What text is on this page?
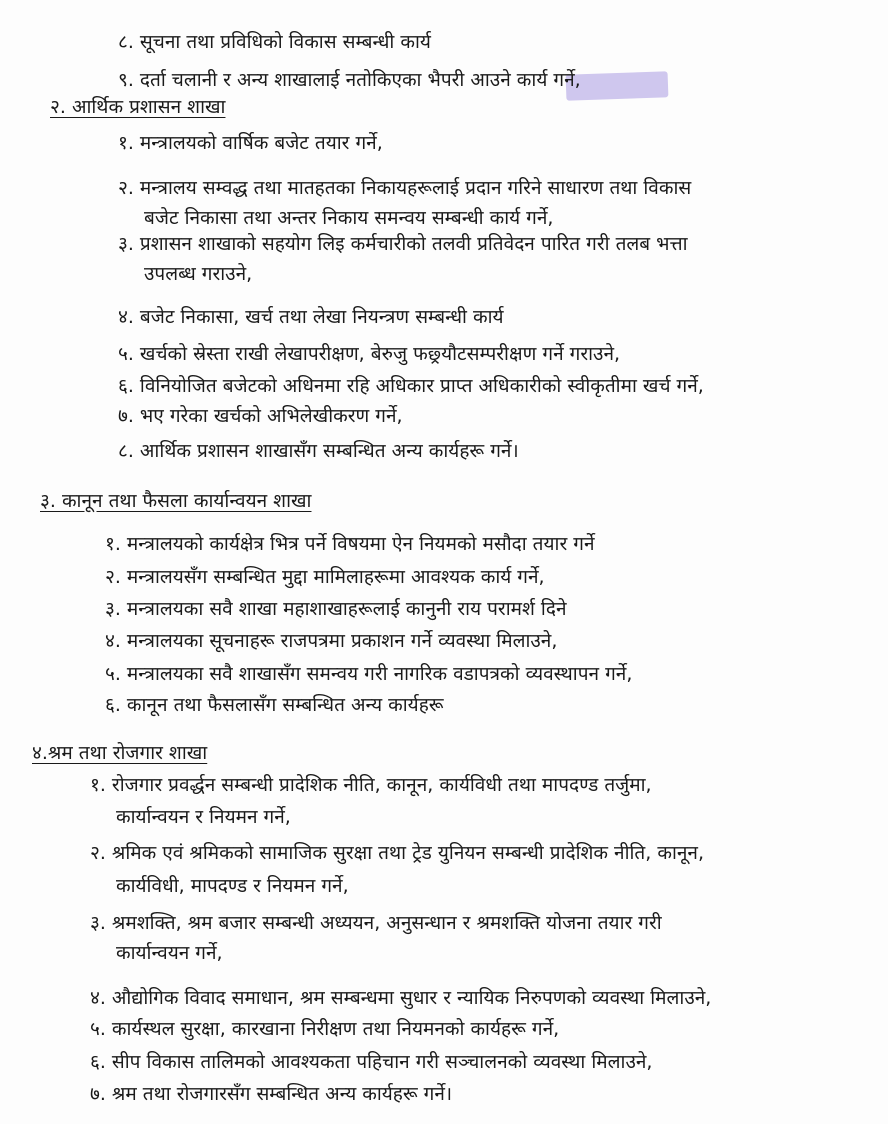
८. सूचना तथा प्रविधिको विकास सम्बन्धी कार्य
९. दर्ता चलानी र अन्य शाखालाई नतोकिएका भैपरी आउने कार्य गर्ने,
२. आर्थिक प्रशासन शाखा
१. मन्त्रालयको वार्षिक बजेट तयार गर्ने,
२. मन्त्रालय सम्वद्ध तथा मातहतका निकायहरूलाई प्रदान गरिने साधारण तथा विकास
बजेट निकासा तथा अन्तर निकाय समन्वय सम्बन्धी कार्य गर्ने,
३. प्रशासन शाखाको सहयोग लिइ कर्मचारीको तलवी प्रतिवेदन पारित गरी तलब भत्ता
उपलब्ध गराउने,
४. बजेट निकासा, खर्च तथा लेखा नियन्त्रण सम्बन्धी कार्य
५. खर्चको स्रेस्ता राखी लेखापरीक्षण, बेरुजु फछ्र्यौटसम्परीक्षण गर्ने गराउने,
६. विनियोजित बजेटको अधिनमा रहि अधिकार प्राप्त अधिकारीको स्वीकृतीमा खर्च गर्ने,
७. भए गरेका खर्चको अभिलेखीकरण गर्ने,
८. आर्थिक प्रशासन शाखासँग सम्बन्धित अन्य कार्यहरू गर्ने।
३. कानून तथा फैसला कार्यान्वयन शाखा
१. मन्त्रालयको कार्यक्षेत्र भित्र पर्ने विषयमा ऐन नियमको मसौदा तयार गर्ने
२. मन्त्रालयसँग सम्बन्धित मुद्दा मामिलाहरूमा आवश्यक कार्य गर्ने,
३. मन्त्रालयका सवै शाखा महाशाखाहरूलाई कानुनी राय परामर्श दिने
४. मन्त्रालयका सूचनाहरू राजपत्रमा प्रकाशन गर्ने व्यवस्था मिलाउने,
५. मन्त्रालयका सवै शाखासँग समन्वय गरी नागरिक वडापत्रको व्यवस्थापन गर्ने,
६. कानून तथा फैसलासँग सम्बन्धित अन्य कार्यहरू
४.श्रम तथा रोजगार शाखा
१. रोजगार प्रवर्द्धन सम्बन्धी प्रादेशिक नीति, कानून, कार्यविधी तथा मापदण्ड तर्जुमा,
कार्यान्वयन र नियमन गर्ने,
२. श्रमिक एवं श्रमिकको सामाजिक सुरक्षा तथा ट्रेड युनियन सम्बन्धी प्रादेशिक नीति, कानून,
कार्यविधी, मापदण्ड र नियमन गर्ने,
३. श्रमशक्ति, श्रम बजार सम्बन्धी अध्ययन, अनुसन्धान र श्रमशक्ति योजना तयार गरी
कार्यान्वयन गर्ने,
४. औद्योगिक विवाद समाधान, श्रम सम्बन्धमा सुधार र न्यायिक निरुपणको व्यवस्था मिलाउने,
५. कार्यस्थल सुरक्षा, कारखाना निरीक्षण तथा नियमनको कार्यहरू गर्ने,
६. सीप विकास तालिमको आवश्यकता पहिचान गरी सञ्चालनको व्यवस्था मिलाउने,
७. श्रम तथा रोजगारसँग सम्बन्धित अन्य कार्यहरू गर्ने।
